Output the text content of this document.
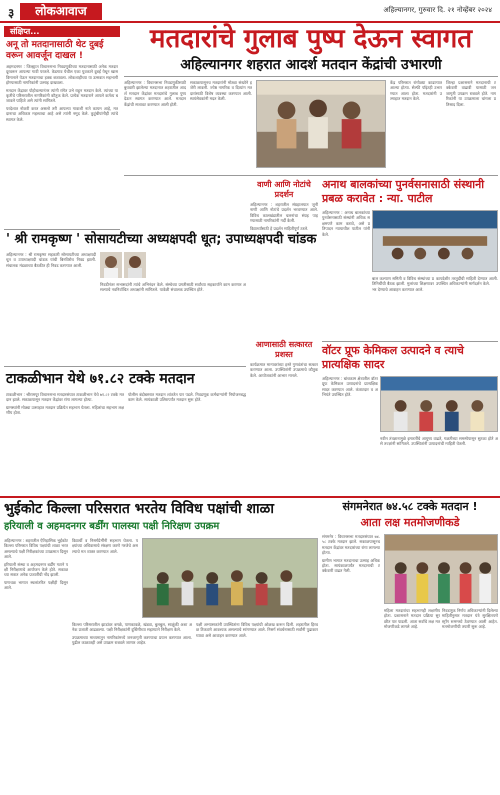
३	लोकआवाज	अहिल्यानगर, गुरुवार दि. २१ नोव्हेंबर २०२४
संक्षिप्त...
अनू तो मतदानासाठी थेट दुबई वरून आवर्जून दाखल !

अहमदनगर : जिल्ह्यात विधानसभा निवडणुकीच्या मतदानासाठी अनेक मतदार दूरवरून आपल्या गावी परतले. केडगाव येथील एका युवकाने दुबई येथून खास विमानाने येऊन मतदानाचा हक्क बजावला. लोकशाहीच्या या उत्सवात सहभागी होण्यासाठी नागरिकांनी उत्साह दाखवला.

मतदान केंद्रावर पोहोचल्यानंतर त्यांनी रांगेत उभे राहून मतदान केले. त्यांच्या या कृतीचे परिसरातील नागरिकांनी कौतुक केले. प्रत्येक मतदाराने आपले कर्तव्य बजावले पाहिजे असे त्यांनी सांगितले.

परदेशात नोकरी करत असलो तरी आपल्या गावाशी नाते कायम आहे, मतदानाचा अधिकार महत्त्वाचा आहे असे त्यांनी नमूद केले. कुटुंबीयांनीही त्यांचे स्वागत केले.

मतदारांचे गुलाब पुष्प देऊन स्वागत
अहिल्यानगर शहरात आदर्श मतदान केंद्रांची उभारणी

अहिल्यानगर : विधानसभा निवडणुकीसाठी बुधवारी झालेल्या मतदानात शहरातील आदर्श मतदान केंद्रांवर मतदारांचे गुलाब पुष्प देऊन स्वागत करण्यात आले. मतदान केंद्रांची सजावट करण्यात आली होती.

सकाळपासूनच मतदारांनी मोठ्या संख्येने हजेरी लावली. ज्येष्ठ नागरिक व दिव्यांग मतदारांसाठी विशेष व्यवस्था करण्यात आली. स्वयंसेवकांनी मदत केली.

केंद्र परिसरात रांगोळ्या काढण्यात आल्या होत्या. सेल्फी पॉइंटही उभारण्यात आला होता. मतदारांनी उत्साहात मतदान केले.

जिल्हा प्रशासनाने मतदानाची टक्केवारी वाढावी यासाठी जनजागृती उपक्रम राबवले होते. नागरिकांनी या उपक्रमाला चांगला प्रतिसाद दिला.

' श्री रामकृष्ण ' सोसायटीच्या अध्यक्षपदी धूत; उपाध्यक्षपदी चांडक

अहिल्यानगर : श्री रामकृष्ण सहकारी सोसायटीच्या अध्यक्षपदी धूत व उपाध्यक्षपदी चांडक यांची बिनविरोध निवड झाली. संचालक मंडळाच्या बैठकीत ही निवड करण्यात आली.

निवडीनंतर सभासदांनी त्यांचे अभिनंदन केले. संस्थेच्या प्रगतीसाठी सर्वांच्या सहकार्याने काम करणार असल्याचे नवनिर्वाचित अध्यक्षांनी सांगितले. यावेळी संचालक उपस्थित होते.

टाकळीभान येथे ७१.८२ टक्के मतदान

टाकळीभान : श्रीरामपूर विधानसभा मतदारसंघात टाकळीभान येथे ७१.८२ टक्के मतदान झाले. सकाळपासून मतदान केंद्रांवर रांगा लागल्या होत्या.

ग्रामस्थांनी मोठ्या उत्साहात मतदान प्रक्रियेत सहभाग घेतला. महिलांचा सहभाग लक्षणीय होता.

पोलीस बंदोबस्तात मतदान शांततेत पार पडले. निवडणूक कर्मचाऱ्यांनी नियोजनबद्ध काम केले. सायंकाळी उशिरापर्यंत मतदान सुरू होते.

वाणी आणि नोटांचे प्रदर्शन

अहिल्यानगर : शहरातील संग्रहालयात जुनी नाणी आणि नोटांचे प्रदर्शन भरवण्यात आले. विविध कालखंडातील चलनांचा संग्रह पाहण्यासाठी नागरिकांनी गर्दी केली.

विद्यार्थ्यांसाठी हे प्रदर्शन माहितीपूर्ण ठरले.

आणासाठी सत्कारत प्रशस्त

कार्यक्रमात मान्यवरांच्या हस्ते गुणवंतांचा सत्कार करण्यात आला. उपस्थितांनी उपक्रमाचे कौतुक केले. आयोजकांनी आभार मानले.

अनाथ बालकांच्या पुनर्वसनासाठी संस्थानी प्रबळ करावेत : न्या. पाटील

अहिल्यानगर : अनाथ बालकांच्या पुनर्वसनासाठी संस्थांनी अधिक सक्षमपणे काम करावे, असे प्रतिपादन न्यायाधीश पाटील यांनी केले.

बाल कल्याण समिती व विविध संस्थांच्या प्रतिनिधींची बैठक झाली. मुलांच्या शिक्षणावर भर देण्याचे आवाहन करण्यात आले.

कायदेशीर तरतुदींची माहिती देण्यात आली. उपस्थित अधिकाऱ्यांनी मार्गदर्शन केले.

वॉटर प्रूफ केमिकल उत्पादने व त्याचे प्रात्यक्षिक सादर

अहिल्यानगर : बांधकाम क्षेत्रातील वॉटर प्रूफ केमिकल उत्पादनांचे प्रात्यक्षिक सादर करण्यात आले. कंत्राटदार व अभियंते उपस्थित होते.

नवीन तंत्रज्ञानामुळे इमारतींचे आयुष्य वाढते, गळतीच्या समस्येपासून सुटका होते असे तज्ज्ञांनी सांगितले. उपस्थितांनी उत्पादनांची माहिती घेतली.

भुईकोट किल्ला परिसरात भरतेय विविध पक्षांची शाळा
हरियाली व अहमदनगर बर्डींग पालस्या पक्षी निरिक्षण उपक्रम

अहिल्यानगर : शहरातील ऐतिहासिक भुईकोट किल्ला परिसरात विविध पक्ष्यांची शाळा भरत असल्याचे पक्षी निरीक्षकांच्या उपक्रमात दिसून आले.

हरियाली संस्था व अहमदनगर बर्डींग गटाने पक्षी निरीक्षणाचे आयोजन केले होते. सकाळच्या सत्रात अनेक प्रजातींची नोंद झाली.

पाणथळ भागात स्थलांतरित पक्षीही दिसून आले.

विद्यार्थी व निसर्गप्रेमींनी सहभाग घेतला. पक्ष्यांच्या अधिवासाचे संरक्षण करणे गरजेचे असल्याचे मत व्यक्त करण्यात आले.

किल्ला परिसरातील झाडांवर बगळे, पाणकावळे, खंड्या, बुलबुल, साळुंकी अशा अनेक प्रजाती आढळल्या. पक्षी निरीक्षकांनी दुर्बिणीच्या सहाय्याने निरीक्षण केले.

उपक्रमाच्या माध्यमातून नागरिकांमध्ये जनजागृती करण्याचा प्रयत्न करण्यात आला. पुढील काळातही असे उपक्रम राबवले जाणार आहेत.

पक्षी अभ्यासकांनी उपस्थितांना विविध पक्ष्यांची ओळख करून दिली. शहरातील हिरवळ टिकवणे आवश्यक असल्याचे सांगण्यात आले. निसर्ग संवर्धनासाठी सर्वांनी पुढाकार घ्यावा असे आवाहन करण्यात आले.

संगमनेरात ७४.५८ टक्के मतदान !
आता लक्ष मतमोजणीकडे

संगमनेर : विधानसभा मतदारसंघात ७४.५८ टक्के मतदान झाले. सकाळपासूनच मतदान केंद्रांवर मतदारांच्या रांगा लागल्या होत्या.

ग्रामीण भागात मतदानाचा उत्साह अधिक होता. सायंकाळपर्यंत मतदानाची टक्केवारी वाढत गेली.

महिला मतदारांचा सहभागही लक्षणीय होता. प्रशासनाने मतदान प्रक्रिया सुरळीत पार पाडली. आता सर्वांचे लक्ष मतमोजणीकडे लागले आहे.

निवडणूक निर्णय अधिकाऱ्यांनी दिलेल्या माहितीनुसार मतदान यंत्रे सुरक्षितपणे स्ट्रॉंग रूममध्ये ठेवण्यात आली आहेत. मतमोजणीची तयारी सुरू आहे.
